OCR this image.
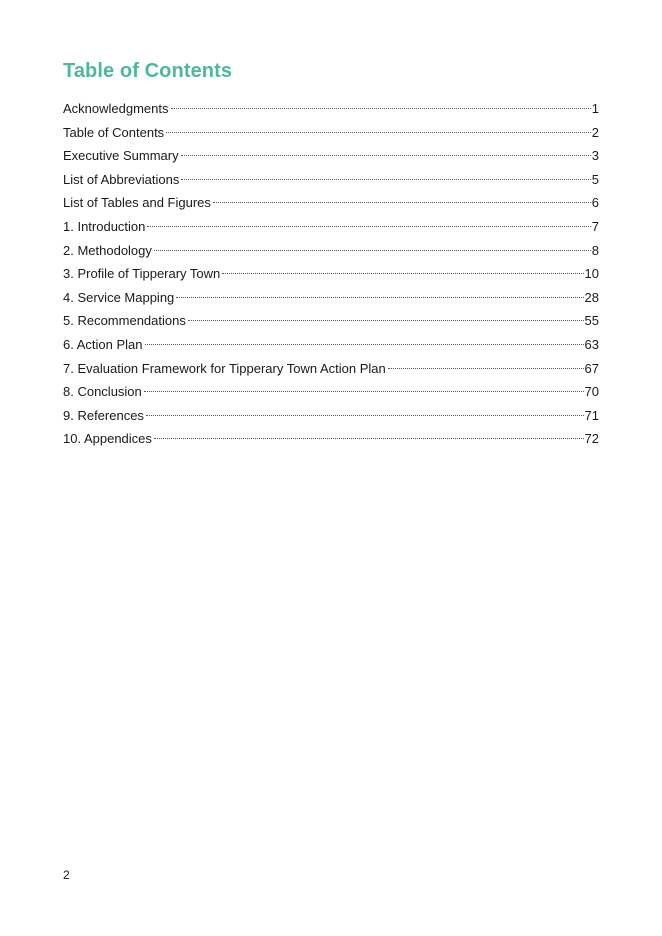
Table of Contents
Acknowledgments	1
Table of Contents	2
Executive Summary	3
List of Abbreviations	5
List of Tables and Figures	6
1. Introduction	7
2. Methodology	8
3. Profile of Tipperary Town	10
4. Service Mapping	28
5. Recommendations	55
6. Action Plan	63
7. Evaluation Framework for Tipperary Town Action Plan	67
8. Conclusion	70
9. References	71
10. Appendices	72
2
